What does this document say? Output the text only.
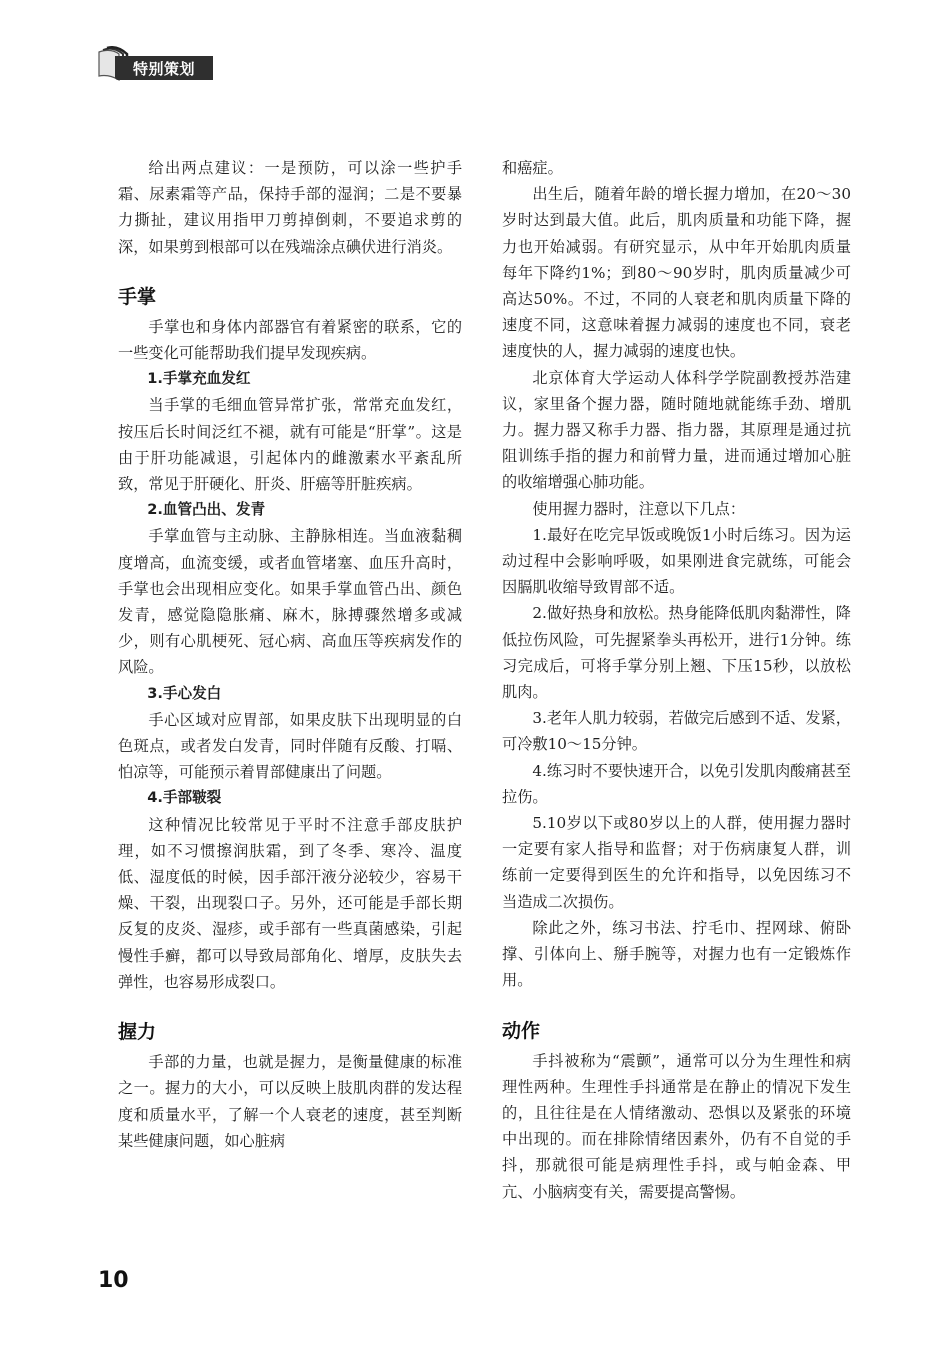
特别策划

给出两点建议：一是预防，可以涂一些护手霜、尿素霜等产品，保持手部的湿润；二是不要暴力撕扯，建议用指甲刀剪掉倒刺，不要追求剪的深，如果剪到根部可以在残端涂点碘伏进行消炎。

手掌

手掌也和身体内部器官有着紧密的联系，它的一些变化可能帮助我们提早发现疾病。

1.手掌充血发红

当手掌的毛细血管异常扩张，常常充血发红，按压后长时间泛红不褪，就有可能是“肝掌”。这是由于肝功能减退，引起体内的雌激素水平紊乱所致，常见于肝硬化、肝炎、肝癌等肝脏疾病。

2.血管凸出、发青

手掌血管与主动脉、主静脉相连。当血液黏稠度增高，血流变缓，或者血管堵塞、血压升高时，手掌也会出现相应变化。如果手掌血管凸出、颜色发青，感觉隐隐胀痛、麻木，脉搏骤然增多或减少，则有心肌梗死、冠心病、高血压等疾病发作的风险。

3.手心发白

手心区域对应胃部，如果皮肤下出现明显的白色斑点，或者发白发青，同时伴随有反酸、打嗝、怕凉等，可能预示着胃部健康出了问题。

4.手部皲裂

这种情况比较常见于平时不注意手部皮肤护理，如不习惯擦润肤霜，到了冬季、寒冷、温度低、湿度低的时候，因手部汗液分泌较少，容易干燥、干裂，出现裂口子。另外，还可能是手部长期反复的皮炎、湿疹，或手部有一些真菌感染，引起慢性手癣，都可以导致局部角化、增厚，皮肤失去弹性，也容易形成裂口。

握力

手部的力量，也就是握力，是衡量健康的标准之一。握力的大小，可以反映上肢肌肉群的发达程度和质量水平，了解一个人衰老的速度，甚至判断某些健康问题，如心脏病

和癌症。

出生后，随着年龄的增长握力增加，在20～30岁时达到最大值。此后，肌肉质量和功能下降，握力也开始减弱。有研究显示，从中年开始肌肉质量每年下降约1%；到80～90岁时，肌肉质量减少可高达50%。不过，不同的人衰老和肌肉质量下降的速度不同，这意味着握力减弱的速度也不同，衰老速度快的人，握力减弱的速度也快。

北京体育大学运动人体科学学院副教授苏浩建议，家里备个握力器，随时随地就能练手劲、增肌力。握力器又称手力器、指力器，其原理是通过抗阻训练手指的握力和前臂力量，进而通过增加心脏的收缩增强心肺功能。

使用握力器时，注意以下几点：

1.最好在吃完早饭或晚饭1小时后练习。因为运动过程中会影响呼吸，如果刚进食完就练，可能会因膈肌收缩导致胃部不适。

2.做好热身和放松。热身能降低肌肉黏滞性，降低拉伤风险，可先握紧拳头再松开，进行1分钟。练习完成后，可将手掌分别上翘、下压15秒，以放松肌肉。

3.老年人肌力较弱，若做完后感到不适、发紧，可冷敷10～15分钟。

4.练习时不要快速开合，以免引发肌肉酸痛甚至拉伤。

5.10岁以下或80岁以上的人群，使用握力器时一定要有家人指导和监督；对于伤病康复人群，训练前一定要得到医生的允许和指导，以免因练习不当造成二次损伤。

除此之外，练习书法、拧毛巾、捏网球、俯卧撑、引体向上、掰手腕等，对握力也有一定锻炼作用。

动作

手抖被称为“震颤”，通常可以分为生理性和病理性两种。生理性手抖通常是在静止的情况下发生的，且往往是在人情绪激动、恐惧以及紧张的环境中出现的。而在排除情绪因素外，仍有不自觉的手抖，那就很可能是病理性手抖，或与帕金森、甲亢、小脑病变有关，需要提高警惕。

10
